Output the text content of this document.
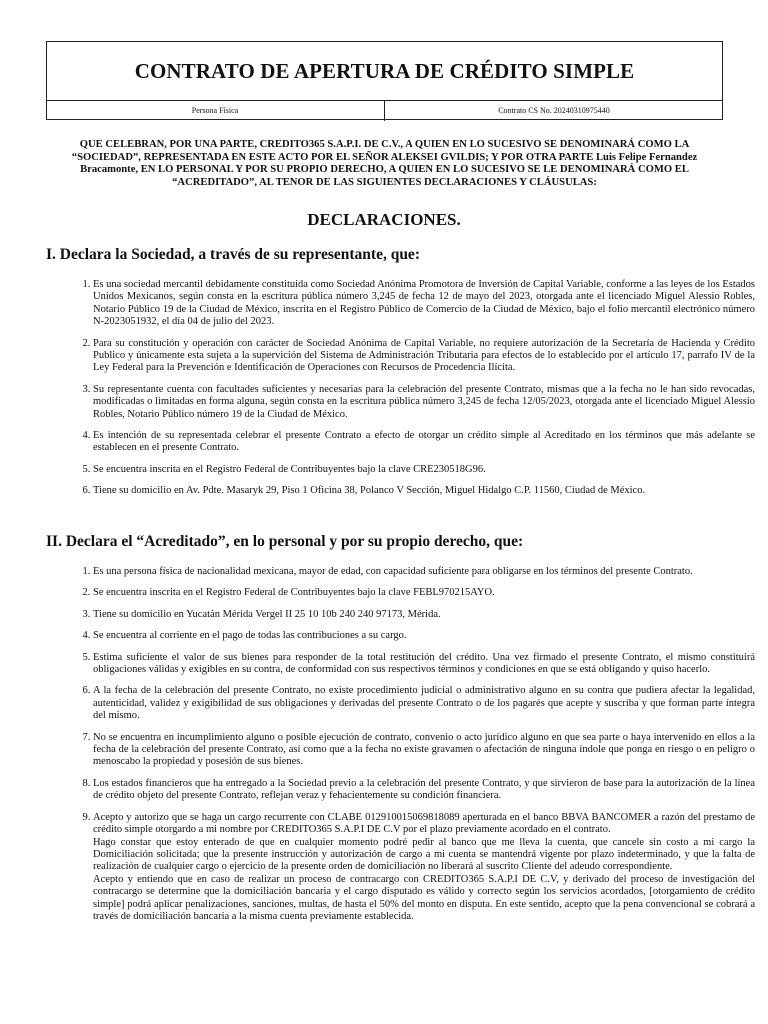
CONTRATO DE APERTURA DE CRÉDITO SIMPLE
Persona Física	Contrato CS No. 20240310975440
QUE CELEBRAN, POR UNA PARTE, CREDITO365 S.A.P.I. DE C.V., A QUIEN EN LO SUCESIVO SE DENOMINARÁ COMO LA “SOCIEDAD”, REPRESENTADA EN ESTE ACTO POR EL SEÑOR ALEKSEI GVILDIS; Y POR OTRA PARTE Luis Felipe Fernandez Bracamonte, EN LO PERSONAL Y POR SU PROPIO DERECHO, A QUIEN EN LO SUCESIVO SE LE DENOMINARÁ COMO EL “ACREDITADO”, AL TENOR DE LAS SIGUIENTES DECLARACIONES Y CLÁUSULAS:
DECLARACIONES.
I. Declara la Sociedad, a través de su representante, que:
1. Es una sociedad mercantil debidamente constituida como Sociedad Anónima Promotora de Inversión de Capital Variable, conforme a las leyes de los Estados Unidos Mexicanos, según consta en la escritura pública número 3,245 de fecha 12 de mayo del 2023, otorgada ante el licenciado Miguel Alessio Robles, Notario Público 19 de la Ciudad de México, inscrita en el Registro Público de Comercio de la Ciudad de México, bajo el folio mercantil electrónico número N-2023051932, el día 04 de julio del 2023.
2. Para su constitución y operación con carácter de Sociedad Anónima de Capital Variable, no requiere autorización de la Secretaría de Hacienda y Crédito Publico y únicamente esta sujeta a la supervición del Sistema de Administración Tributaria para efectos de lo establecido por el artículo 17, parrafo IV de la Ley Federal para la Prevención e Identificación de Operaciones con Recursos de Procedencia Ilícita.
3. Su representante cuenta con facultades suficientes y necesarias para la celebración del presente Contrato, mismas que a la fecha no le han sido revocadas, modificadas o limitadas en forma alguna, según consta en la escritura pública número 3,245 de fecha 12/05/2023, otorgada ante el licenciado Miguel Alessio Robles, Notario Público número 19 de la Ciudad de México.
4. Es intención de su representada celebrar el presente Contrato a efecto de otorgar un crédito simple al Acreditado en los términos que más adelante se establecen en el presente Contrato.
5. Se encuentra inscrita en el Registro Federal de Contribuyentes bajo la clave CRE230518G96.
6. Tiene su domicilio en Av. Pdte. Masaryk 29, Piso 1 Oficina 38, Polanco V Sección, Miguel Hidalgo C.P. 11560, Ciudad de México.
II. Declara el “Acreditado”, en lo personal y por su propio derecho, que:
1. Es una persona física de nacionalidad mexicana, mayor de edad, con capacidad suficiente para obligarse en los términos del presente Contrato.
2. Se encuentra inscrita en el Registro Federal de Contribuyentes bajo la clave FEBL970215AYO.
3. Tiene su domicilio en Yucatán Mérida Vergel II 25 10 10b 240 240 97173, Mérida.
4. Se encuentra al corriente en el pago de todas las contribuciones a su cargo.
5. Estima suficiente el valor de sus bienes para responder de la total restitución del crédito. Una vez firmado el presente Contrato, el mismo constituirá obligaciones válidas y exigibles en su contra, de conformidad con sus respectivos términos y condiciones en que se está obligando y quiso hacerlo.
6. A la fecha de la celebración del presente Contrato, no existe procedimiento judicial o administrativo alguno en su contra que pudiera afectar la legalidad, autenticidad, validez y exigibilidad de sus obligaciones y derivadas del presente Contrato o de los pagarés que acepte y suscriba y que forman parte íntegra del mismo.
7. No se encuentra en incumplimiento alguno o posible ejecución de contrato, convenio o acto jurídico alguno en que sea parte o haya intervenido en ellos a la fecha de la celebración del presente Contrato, así como que a la fecha no existe gravamen o afectación de ninguna índole que ponga en riesgo o en peligro o menoscabo la propiedad y posesión de sus bienes.
8. Los estados financieros que ha entregado a la Sociedad previo a la celebración del presente Contrato, y que sirvieron de base para la autorización de la línea de crédito objeto del presente Contrato, reflejan veraz y fehacientemente su condición financiera.
9. Acepto y autorizo que se haga un cargo recurrente con CLABE 012910015069818089 aperturada en el banco BBVA BANCOMER a razón del prestamo de crédito simple otorgardo a mi nombre por CREDITO365 S.A.P.I DE C.V por el plazo previamente acordado en el contrato.
Hago constar que estoy enterado de que en cualquier momento podré pedir al banco que me lleva la cuenta, que cancele sin costo a mi cargo la Domiciliación solicitada; que la presente instrucción y autorización de cargo a mi cuenta se mantendrá vigente por plazo indeterminado, y que la falta de realización de cualquier cargo o ejercicio de la presente orden de domiciliación no liberará al suscrito Cliente del adeudo correspondiente.
Acepto y entiendo que en caso de realizar un proceso de contracargo con CREDITO365 S.A.P.I DE C.V, y derivado del proceso de investigación del contracargo se determine que la domiciliación bancaria y el cargo disputado es válido y correcto según los servicios acordados, [otorgamiento de crédito simple] podrá aplicar penalizaciones, sanciones, multas, de hasta el 50% del monto en disputa. En este sentido, acepto que la pena convencional se cobrará a través de domiciliación bancaria a la misma cuenta previamente establecida.
